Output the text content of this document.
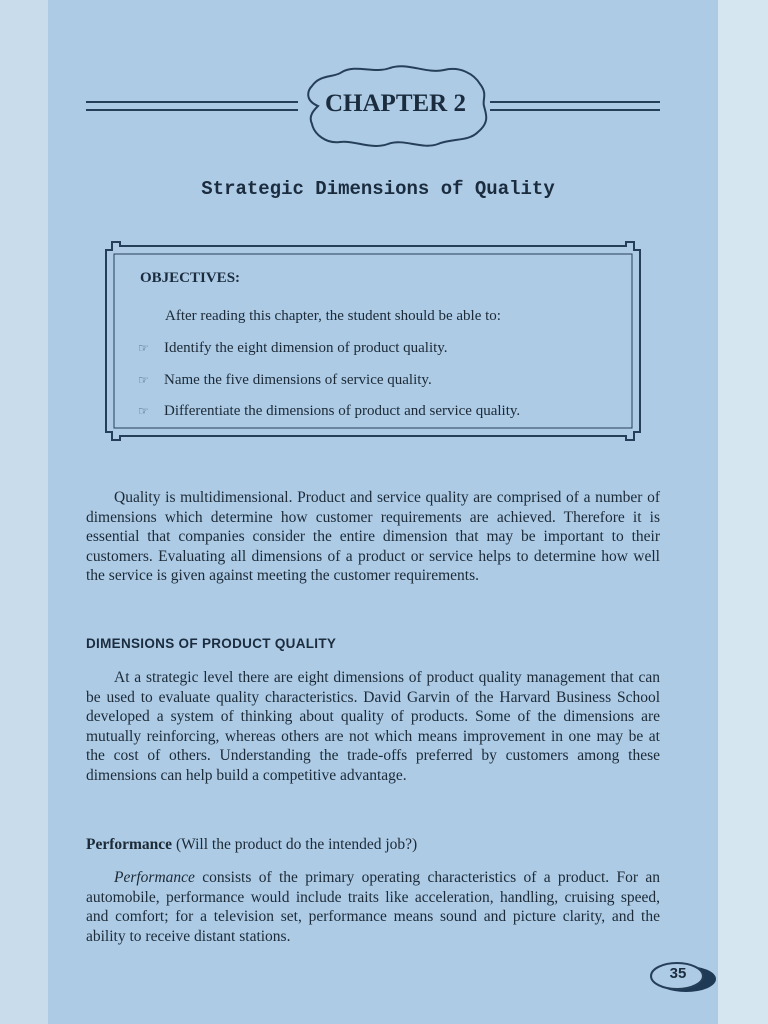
CHAPTER 2
Strategic Dimensions of Quality
OBJECTIVES:
After reading this chapter, the student should be able to:
☞ Identify the eight dimension of product quality.
☞ Name the five dimensions of service quality.
☞ Differentiate the dimensions of product and service quality.

Quality is multidimensional. Product and service quality are comprised of a number of dimensions which determine how customer requirements are achieved. Therefore it is essential that companies consider the entire dimension that may be important to their customers. Evaluating all dimensions of a product or service helps to determine how well the service is given against meeting the customer requirements.

DIMENSIONS OF PRODUCT QUALITY

At a strategic level there are eight dimensions of product quality management that can be used to evaluate quality characteristics. David Garvin of the Harvard Business School developed a system of thinking about quality of products. Some of the dimensions are mutually reinforcing, whereas others are not which means improvement in one may be at the cost of others. Understanding the trade-offs preferred by customers among these dimensions can help build a competitive advantage.

Performance (Will the product do the intended job?)

Performance consists of the primary operating characteristics of a product. For an automobile, performance would include traits like acceleration, handling, cruising speed, and comfort; for a television set, performance means sound and picture clarity, and the ability to receive distant stations.

35
